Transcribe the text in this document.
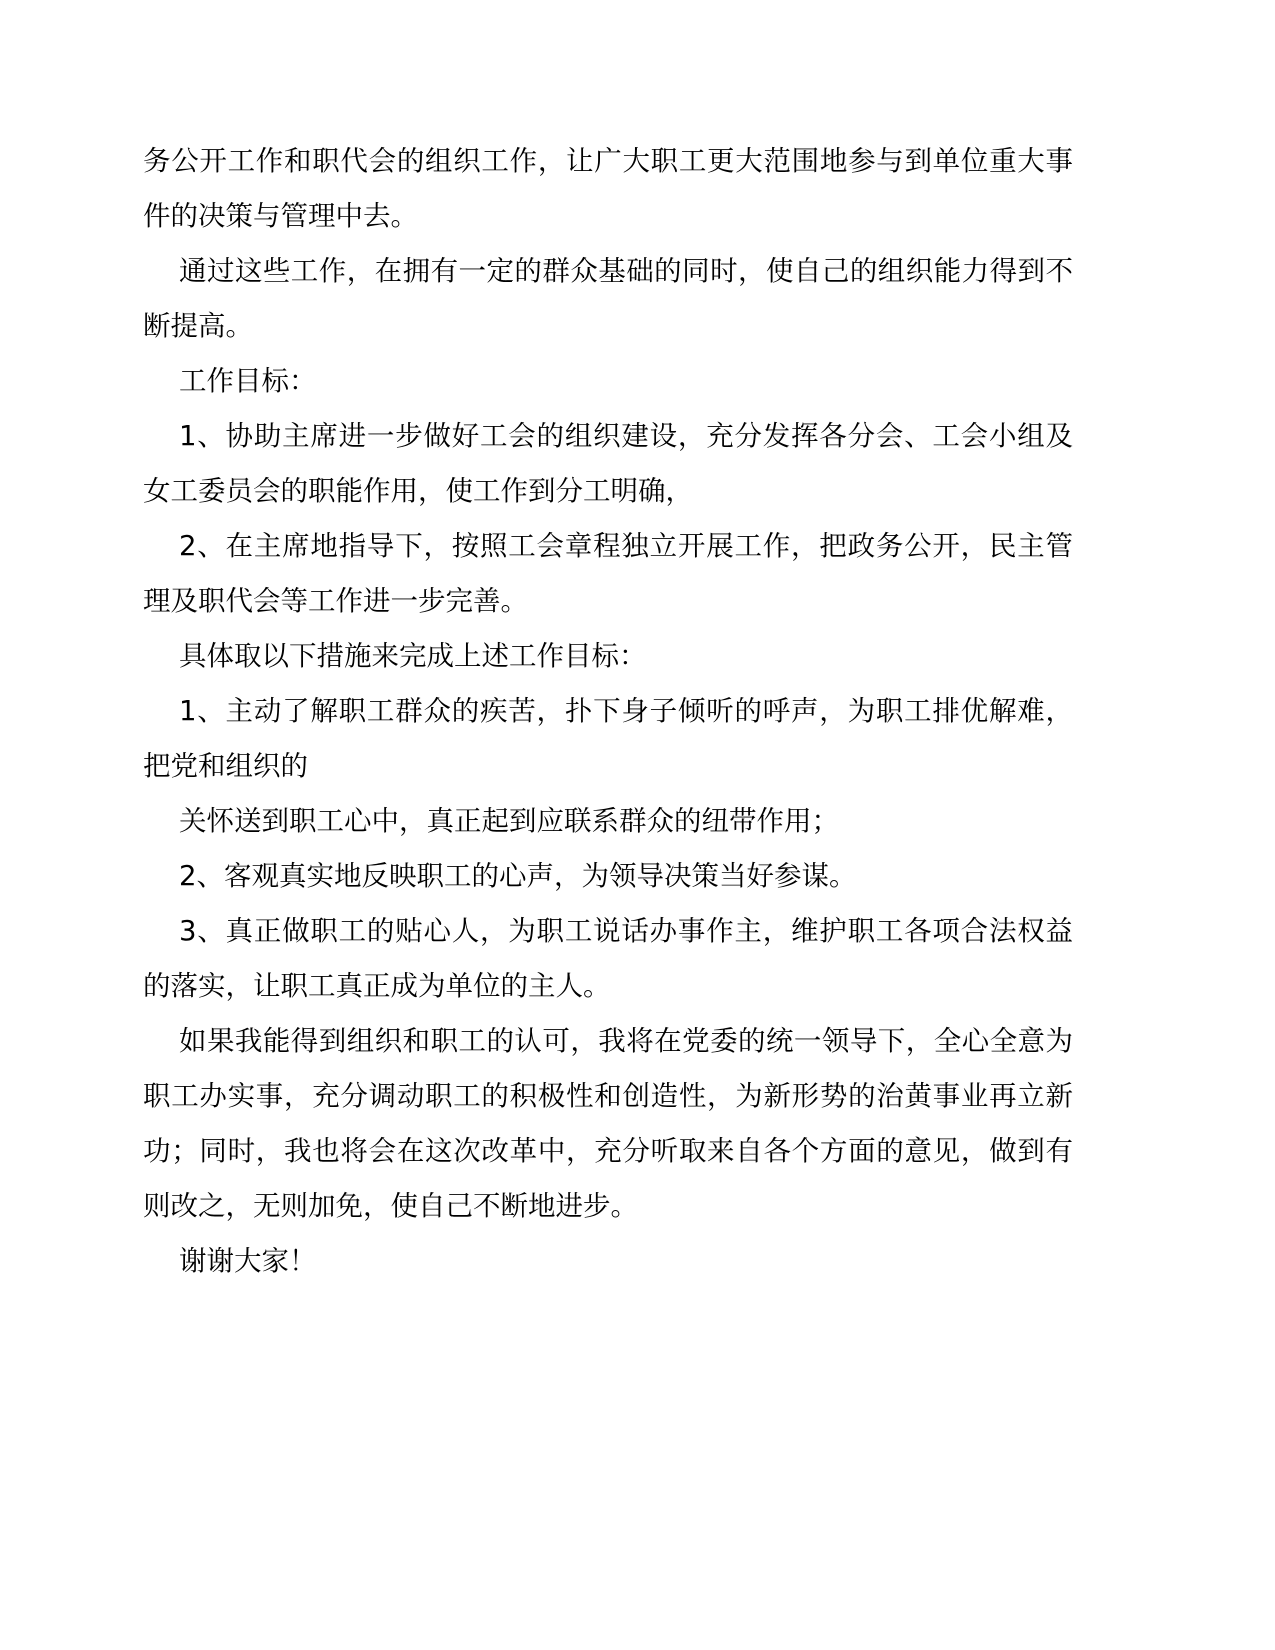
务公开工作和职代会的组织工作，让广大职工更大范围地参与到单位重大事件的决策与管理中去。

通过这些工作，在拥有一定的群众基础的同时，使自己的组织能力得到不断提高。

工作目标：

1、协助主席进一步做好工会的组织建设，充分发挥各分会、工会小组及女工委员会的职能作用，使工作到分工明确，

2、在主席地指导下，按照工会章程独立开展工作，把政务公开，民主管理及职代会等工作进一步完善。

具体取以下措施来完成上述工作目标：

1、主动了解职工群众的疾苦，扑下身子倾听的呼声，为职工排优解难，把党和组织的

关怀送到职工心中，真正起到应联系群众的纽带作用；

2、客观真实地反映职工的心声，为领导决策当好参谋。

3、真正做职工的贴心人，为职工说话办事作主，维护职工各项合法权益的落实，让职工真正成为单位的主人。

如果我能得到组织和职工的认可，我将在党委的统一领导下，全心全意为职工办实事，充分调动职工的积极性和创造性，为新形势的治黄事业再立新功；同时，我也将会在这次改革中，充分听取来自各个方面的意见，做到有则改之，无则加免，使自己不断地进步。

谢谢大家！
